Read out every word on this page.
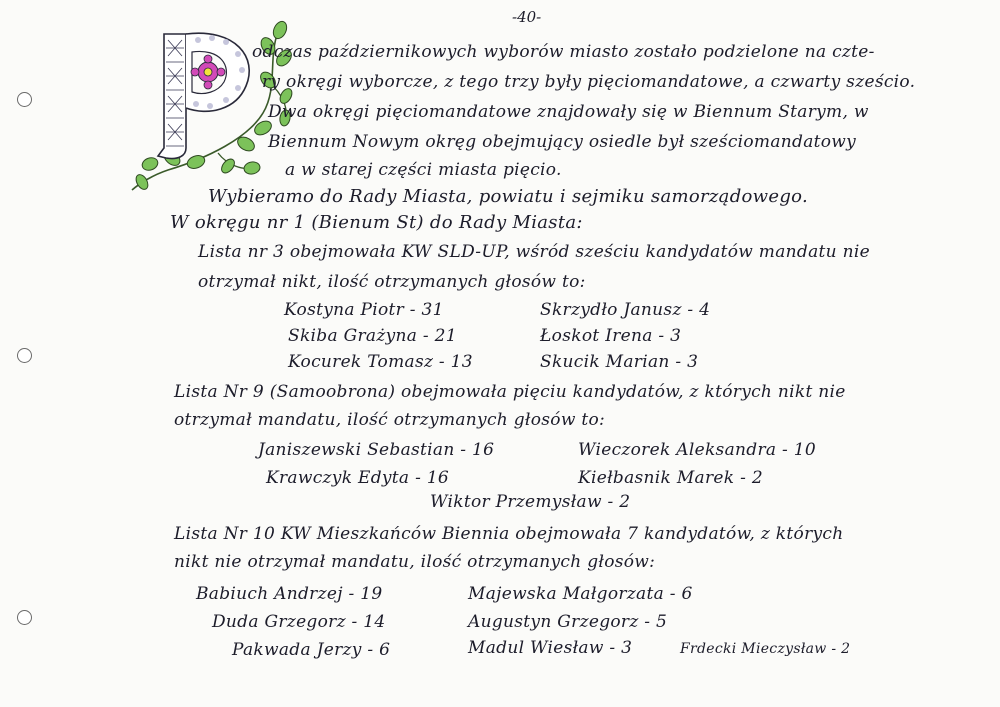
-40-
odczas październikowych wyborów miasto zostało podzielone na czte-
ry okręgi wyborcze, z tego trzy były pięciomandatowe, a czwarty sześcio.
Dwa okręgi pięciomandatowe znajdowały się w Biennum Starym, w
Biennum Nowym okręg obejmujący osiedle był sześciomandatowy
a w starej części miasta pięcio.
Wybieramo do Rady Miasta, powiatu i sejmiku samorządowego.
W okręgu nr 1 (Bienum St) do Rady Miasta:
Lista nr 3 obejmowała KW SLD-UP, wśród sześciu kandydatów mandatu nie
otrzymał nikt, ilość otrzymanych głosów to:
Kostyna Piotr - 31
Skiba Grażyna - 21
Kocurek Tomasz - 13
Skrzydło Janusz - 4
Łoskot Irena - 3
Skucik Marian - 3
Lista Nr 9 (Samoobrona) obejmowała pięciu kandydatów, z których nikt nie
otrzymał mandatu, ilość otrzymanych głosów to:
Janiszewski Sebastian - 16
Krawczyk Edyta - 16
Wieczorek Aleksandra - 10
Kiełbasnik Marek - 2
Wiktor Przemysław - 2
Lista Nr 10 KW Mieszkańców Biennia obejmowała 7 kandydatów, z których
nikt nie otrzymał mandatu, ilość otrzymanych głosów:
Babiuch Andrzej - 19
Duda Grzegorz - 14
Pakwada Jerzy - 6
Majewska Małgorzata - 6
Augustyn Grzegorz - 5
Madul Wiesław - 3	Frdecki Mieczysław - 2
